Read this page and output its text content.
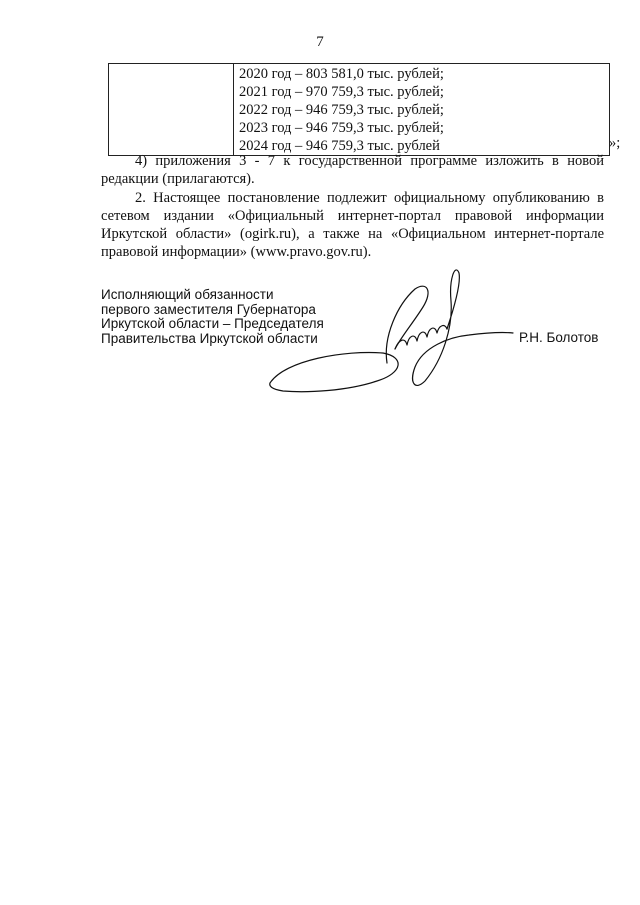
7

2020 год – 803 581,0 тыс. рублей;
2021 год – 970 759,3 тыс. рублей;
2022 год – 946 759,3 тыс. рублей;
2023 год – 946 759,3 тыс. рублей;
2024 год – 946 759,3 тыс. рублей	»;

4) приложения 3 - 7 к государственной программе изложить в новой редакции (прилагаются).

2. Настоящее постановление подлежит официальному опубликованию в сетевом издании «Официальный интернет-портал правовой информации Иркутской области» (ogirk.ru), а также на «Официальном интернет-портале правовой информации» (www.pravo.gov.ru).

Исполняющий обязанности
первого заместителя Губернатора
Иркутской области – Председателя
Правительства Иркутской области	Р.Н. Болотов
